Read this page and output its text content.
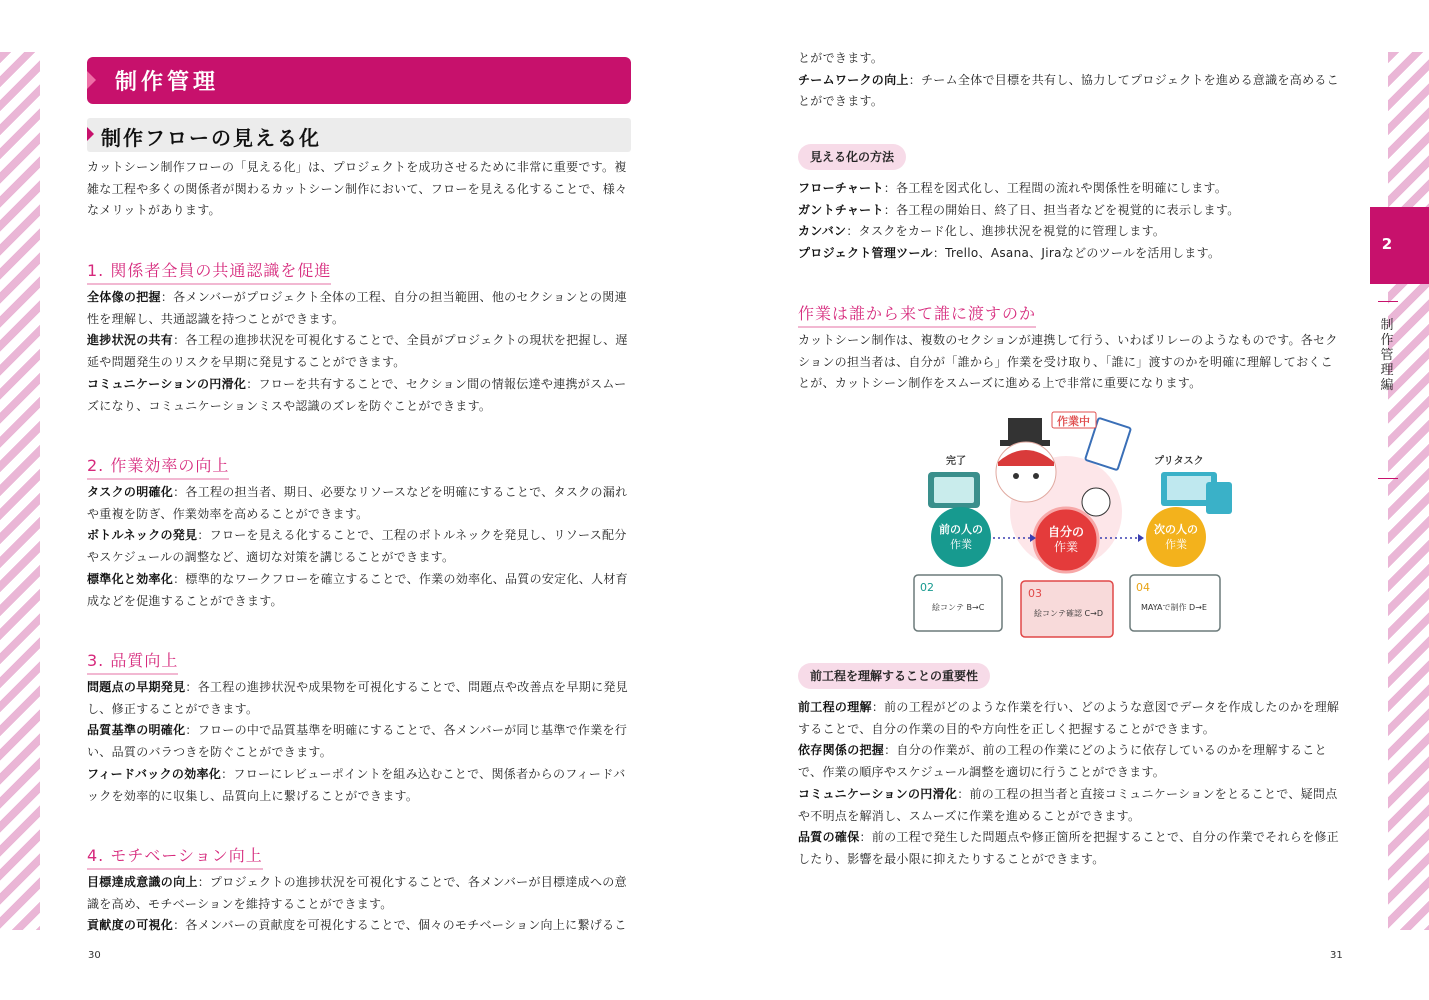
制作管理
制作フローの見える化
カットシーン制作フローの「見える化」は、プロジェクトを成功させるために非常に重要です。複雑な工程や多くの関係者が関わるカットシーン制作において、フローを見える化することで、様々なメリットがあります。
1. 関係者全員の共通認識を促進
全体像の把握：各メンバーがプロジェクト全体の工程、自分の担当範囲、他のセクションとの関連性を理解し、共通認識を持つことができます。
進捗状況の共有：各工程の進捗状況を可視化することで、全員がプロジェクトの現状を把握し、遅延や問題発生のリスクを早期に発見することができます。
コミュニケーションの円滑化：フローを共有することで、セクション間の情報伝達や連携がスムーズになり、コミュニケーションミスや認識のズレを防ぐことができます。
2. 作業効率の向上
タスクの明確化：各工程の担当者、期日、必要なリソースなどを明確にすることで、タスクの漏れや重複を防ぎ、作業効率を高めることができます。
ボトルネックの発見：フローを見える化することで、工程のボトルネックを発見し、リソース配分やスケジュールの調整など、適切な対策を講じることができます。
標準化と効率化：標準的なワークフローを確立することで、作業の効率化、品質の安定化、人材育成などを促進することができます。
3. 品質向上
問題点の早期発見：各工程の進捗状況や成果物を可視化することで、問題点や改善点を早期に発見し、修正することができます。
品質基準の明確化：フローの中で品質基準を明確にすることで、各メンバーが同じ基準で作業を行い、品質のバラつきを防ぐことができます。
フィードバックの効率化：フローにレビューポイントを組み込むことで、関係者からのフィードバックを効率的に収集し、品質向上に繋げることができます。
4. モチベーション向上
目標達成意識の向上：プロジェクトの進捗状況を可視化することで、各メンバーが目標達成への意識を高め、モチベーションを維持することができます。
貢献度の可視化：各メンバーの貢献度を可視化することで、個々のモチベーション向上に繋げるこ
30
とができます。
チームワークの向上：チーム全体で目標を共有し、協力してプロジェクトを進める意識を高めることができます。
見える化の方法
フローチャート：各工程を図式化し、工程間の流れや関係性を明確にします。
ガントチャート：各工程の開始日、終了日、担当者などを視覚的に表示します。
カンバン：タスクをカード化し、進捗状況を視覚的に管理します。
プロジェクト管理ツール：Trello、Asana、Jiraなどのツールを活用します。
作業は誰から来て誰に渡すのか
カットシーン制作は、複数のセクションが連携して行う、いわばリレーのようなものです。各セクションの担当者は、自分が「誰から」作業を受け取り、「誰に」渡すのかを明確に理解しておくことが、カットシーン制作をスムーズに進める上で非常に重要になります。
完了
作業中
プリタスク
前の人の
作業
自分の
作業
次の人の
作業
02
絵コンテ B→C
03
絵コンテ確認 C→D
04
MAYAで制作 D→E
前工程を理解することの重要性
前工程の理解：前の工程がどのような作業を行い、どのような意図でデータを作成したのかを理解することで、自分の作業の目的や方向性を正しく把握することができます。
依存関係の把握：自分の作業が、前の工程の作業にどのように依存しているのかを理解することで、作業の順序やスケジュール調整を適切に行うことができます。
コミュニケーションの円滑化：前の工程の担当者と直接コミュニケーションをとることで、疑問点や不明点を解消し、スムーズに作業を進めることができます。
品質の確保：前の工程で発生した問題点や修正箇所を把握することで、自分の作業でそれらを修正したり、影響を最小限に抑えたりすることができます。
2
制作管理編
31
